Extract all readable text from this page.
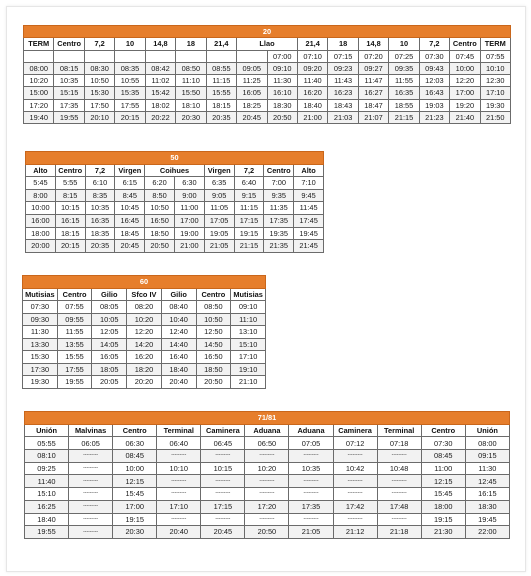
20															
TERM	Centro	7,2	10	14,8	18	21,4	Llao		21,4	18	14,8	10	7,2	Centro	TERM
								07:00	07:10	07:15	07:20	07:25	07:30	07:45	07:55
08:00	08:15	08:30	08:35	08:42	08:50	08:55	09:05	09:10	09:20	09:23	09:27	09:35	09:43	10:00	10:10
10:20	10:35	10:50	10:55	11:02	11:10	11:15	11:25	11:30	11:40	11:43	11:47	11:55	12:03	12:20	12:30
15:00	15:15	15:30	15:35	15:42	15:50	15:55	16:05	16:10	16:20	16:23	16:27	16:35	16:43	17:00	17:10
17:20	17:35	17:50	17:55	18:02	18:10	18:15	18:25	18:30	18:40	18:43	18:47	18:55	19:03	19:20	19:30
19:40	19:55	20:10	20:15	20:22	20:30	20:35	20:45	20:50	21:00	21:03	21:07	21:15	21:23	21:40	21:50
50									
Alto	Centro	7,2	Virgen	Coihues		Virgen	7,2	Centro	Alto
5:45	5:55	6:10	6:15	6:20	6:30	6:35	6:40	7:00	7:10
8:00	8:15	8:35	8:45	8:50	9:00	9:05	9:15	9:35	9:45
10:00	10:15	10:35	10:45	10:50	11:00	11:05	11:15	11:35	11:45
16:00	16:15	16:35	16:45	16:50	17:00	17:05	17:15	17:35	17:45
18:00	18:15	18:35	18:45	18:50	19:00	19:05	19:15	19:35	19:45
20:00	20:15	20:35	20:45	20:50	21:00	21:05	21:15	21:35	21:45
60						
Mutisias	Centro	Gilio	Sfco IV	Gilio	Centro	Mutisias
07:30	07:55	08:05	08:20	08:40	08:50	09:10
09:30	09:55	10:05	10:20	10:40	10:50	11:10
11:30	11:55	12:05	12:20	12:40	12:50	13:10
13:30	13:55	14:05	14:20	14:40	14:50	15:10
15:30	15:55	16:05	16:20	16:40	16:50	17:10
17:30	17:55	18:05	18:20	18:40	18:50	19:10
19:30	19:55	20:05	20:20	20:40	20:50	21:10
71/81										
Unión	Malvinas	Centro	Terminal	Caminera	Aduana	Aduana	Caminera	Terminal	Centro	Unión
05:55	06:05	06:30	06:40	06:45	06:50	07:05	07:12	07:18	07:30	08:00
08:10	---------	08:45	---------	---------	---------	---------	---------	---------	08:45	09:15
09:25	---------	10:00	10:10	10:15	10:20	10:35	10:42	10:48	11:00	11:30
11:40	---------	12:15	---------	---------	---------	---------	---------	---------	12:15	12:45
15:10	---------	15:45	---------	---------	---------	---------	---------	---------	15:45	16:15
16:25	---------	17:00	17:10	17:15	17:20	17:35	17:42	17:48	18:00	18:30
18:40	---------	19:15	---------	---------	---------	---------	---------	---------	19:15	19:45
19:55	---------	20:30	20:40	20:45	20:50	21:05	21:12	21:18	21:30	22:00
